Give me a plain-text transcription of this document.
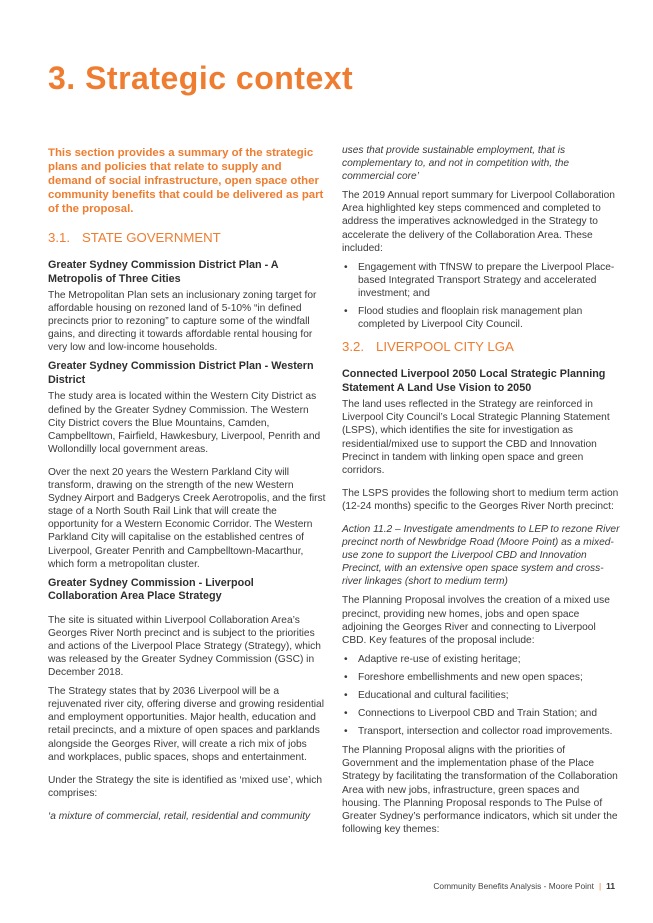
3. Strategic context

This section provides a summary of the strategic plans and policies that relate to supply and demand of social infrastructure, open space other community benefits that could be delivered as part of the proposal.

3.1. STATE GOVERNMENT
Greater Sydney Commission District Plan - A Metropolis of Three Cities

The Metropolitan Plan sets an inclusionary zoning target for affordable housing on rezoned land of 5-10% “in defined precincts prior to rezoning” to capture some of the windfall gains, and directing it towards affordable rental housing for very low and low-income households.

Greater Sydney Commission District Plan - Western District

The study area is located within the Western City District as defined by the Greater Sydney Commission. The Western City District covers the Blue Mountains, Camden, Campbelltown, Fairfield, Hawkesbury, Liverpool, Penrith and Wollondilly local government areas.

Over the next 20 years the Western Parkland City will transform, drawing on the strength of the new Western Sydney Airport and Badgerys Creek Aerotropolis, and the first stage of a North South Rail Link that will create the opportunity for a Western Economic Corridor. The Western Parkland City will capitalise on the established centres of Liverpool, Greater Penrith and Campbelltown-Macarthur, which form a metropolitan cluster.

Greater Sydney Commission - Liverpool Collaboration Area Place Strategy

The site is situated within Liverpool Collaboration Area’s Georges River North precinct and is subject to the priorities and actions of the Liverpool Place Strategy (Strategy), which was released by the Greater Sydney Commission (GSC) in December 2018.

The Strategy states that by 2036 Liverpool will be a rejuvenated river city, offering diverse and growing residential and employment opportunities. Major health, education and retail precincts, and a mixture of open spaces and parklands alongside the Georges River, will create a rich mix of jobs and workplaces, public spaces, shops and entertainment.

Under the Strategy the site is identified as ‘mixed use’, which comprises:

‘a mixture of commercial, retail, residential and community

uses that provide sustainable employment, that is complementary to, and not in competition with, the commercial core’

The 2019 Annual report summary for Liverpool Collaboration Area highlighted key steps commenced and completed to address the imperatives acknowledged in the Strategy to accelerate the delivery of the Collaboration Area. These included:

• Engagement with TfNSW to prepare the Liverpool Place-based Integrated Transport Strategy and accelerated investment; and
• Flood studies and flooplain risk management plan completed by Liverpool City Council.
3.2. LIVERPOOL CITY LGA
Connected Liverpool 2050 Local Strategic Planning Statement A Land Use Vision to 2050

The land uses reflected in the Strategy are reinforced in Liverpool City Council’s Local Strategic Planning Statement (LSPS), which identifies the site for investigation as residential/mixed use to support the CBD and Innovation Precinct in tandem with linking open space and green corridors.

The LSPS provides the following short to medium term action (12-24 months) specific to the Georges River North precinct:

Action 11.2 – Investigate amendments to LEP to rezone River precinct north of Newbridge Road (Moore Point) as a mixed-use zone to support the Liverpool CBD and Innovation Precinct, with an extensive open space system and cross-river linkages (short to medium term)

The Planning Proposal involves the creation of a mixed use precinct, providing new homes, jobs and open space adjoining the Georges River and connecting to Liverpool CBD. Key features of the proposal include:

• Adaptive re-use of existing heritage;
• Foreshore embellishments and new open spaces;
• Educational and cultural facilities;
• Connections to Liverpool CBD and Train Station; and
• Transport, intersection and collector road improvements.

The Planning Proposal aligns with the priorities of Government and the implementation phase of the Place Strategy by facilitating the transformation of the Collaboration Area with new jobs, infrastructure, green spaces and housing. The Planning Proposal responds to The Pulse of Greater Sydney’s performance indicators, which sit under the following key themes:

Community Benefits Analysis - Moore Point | 11
